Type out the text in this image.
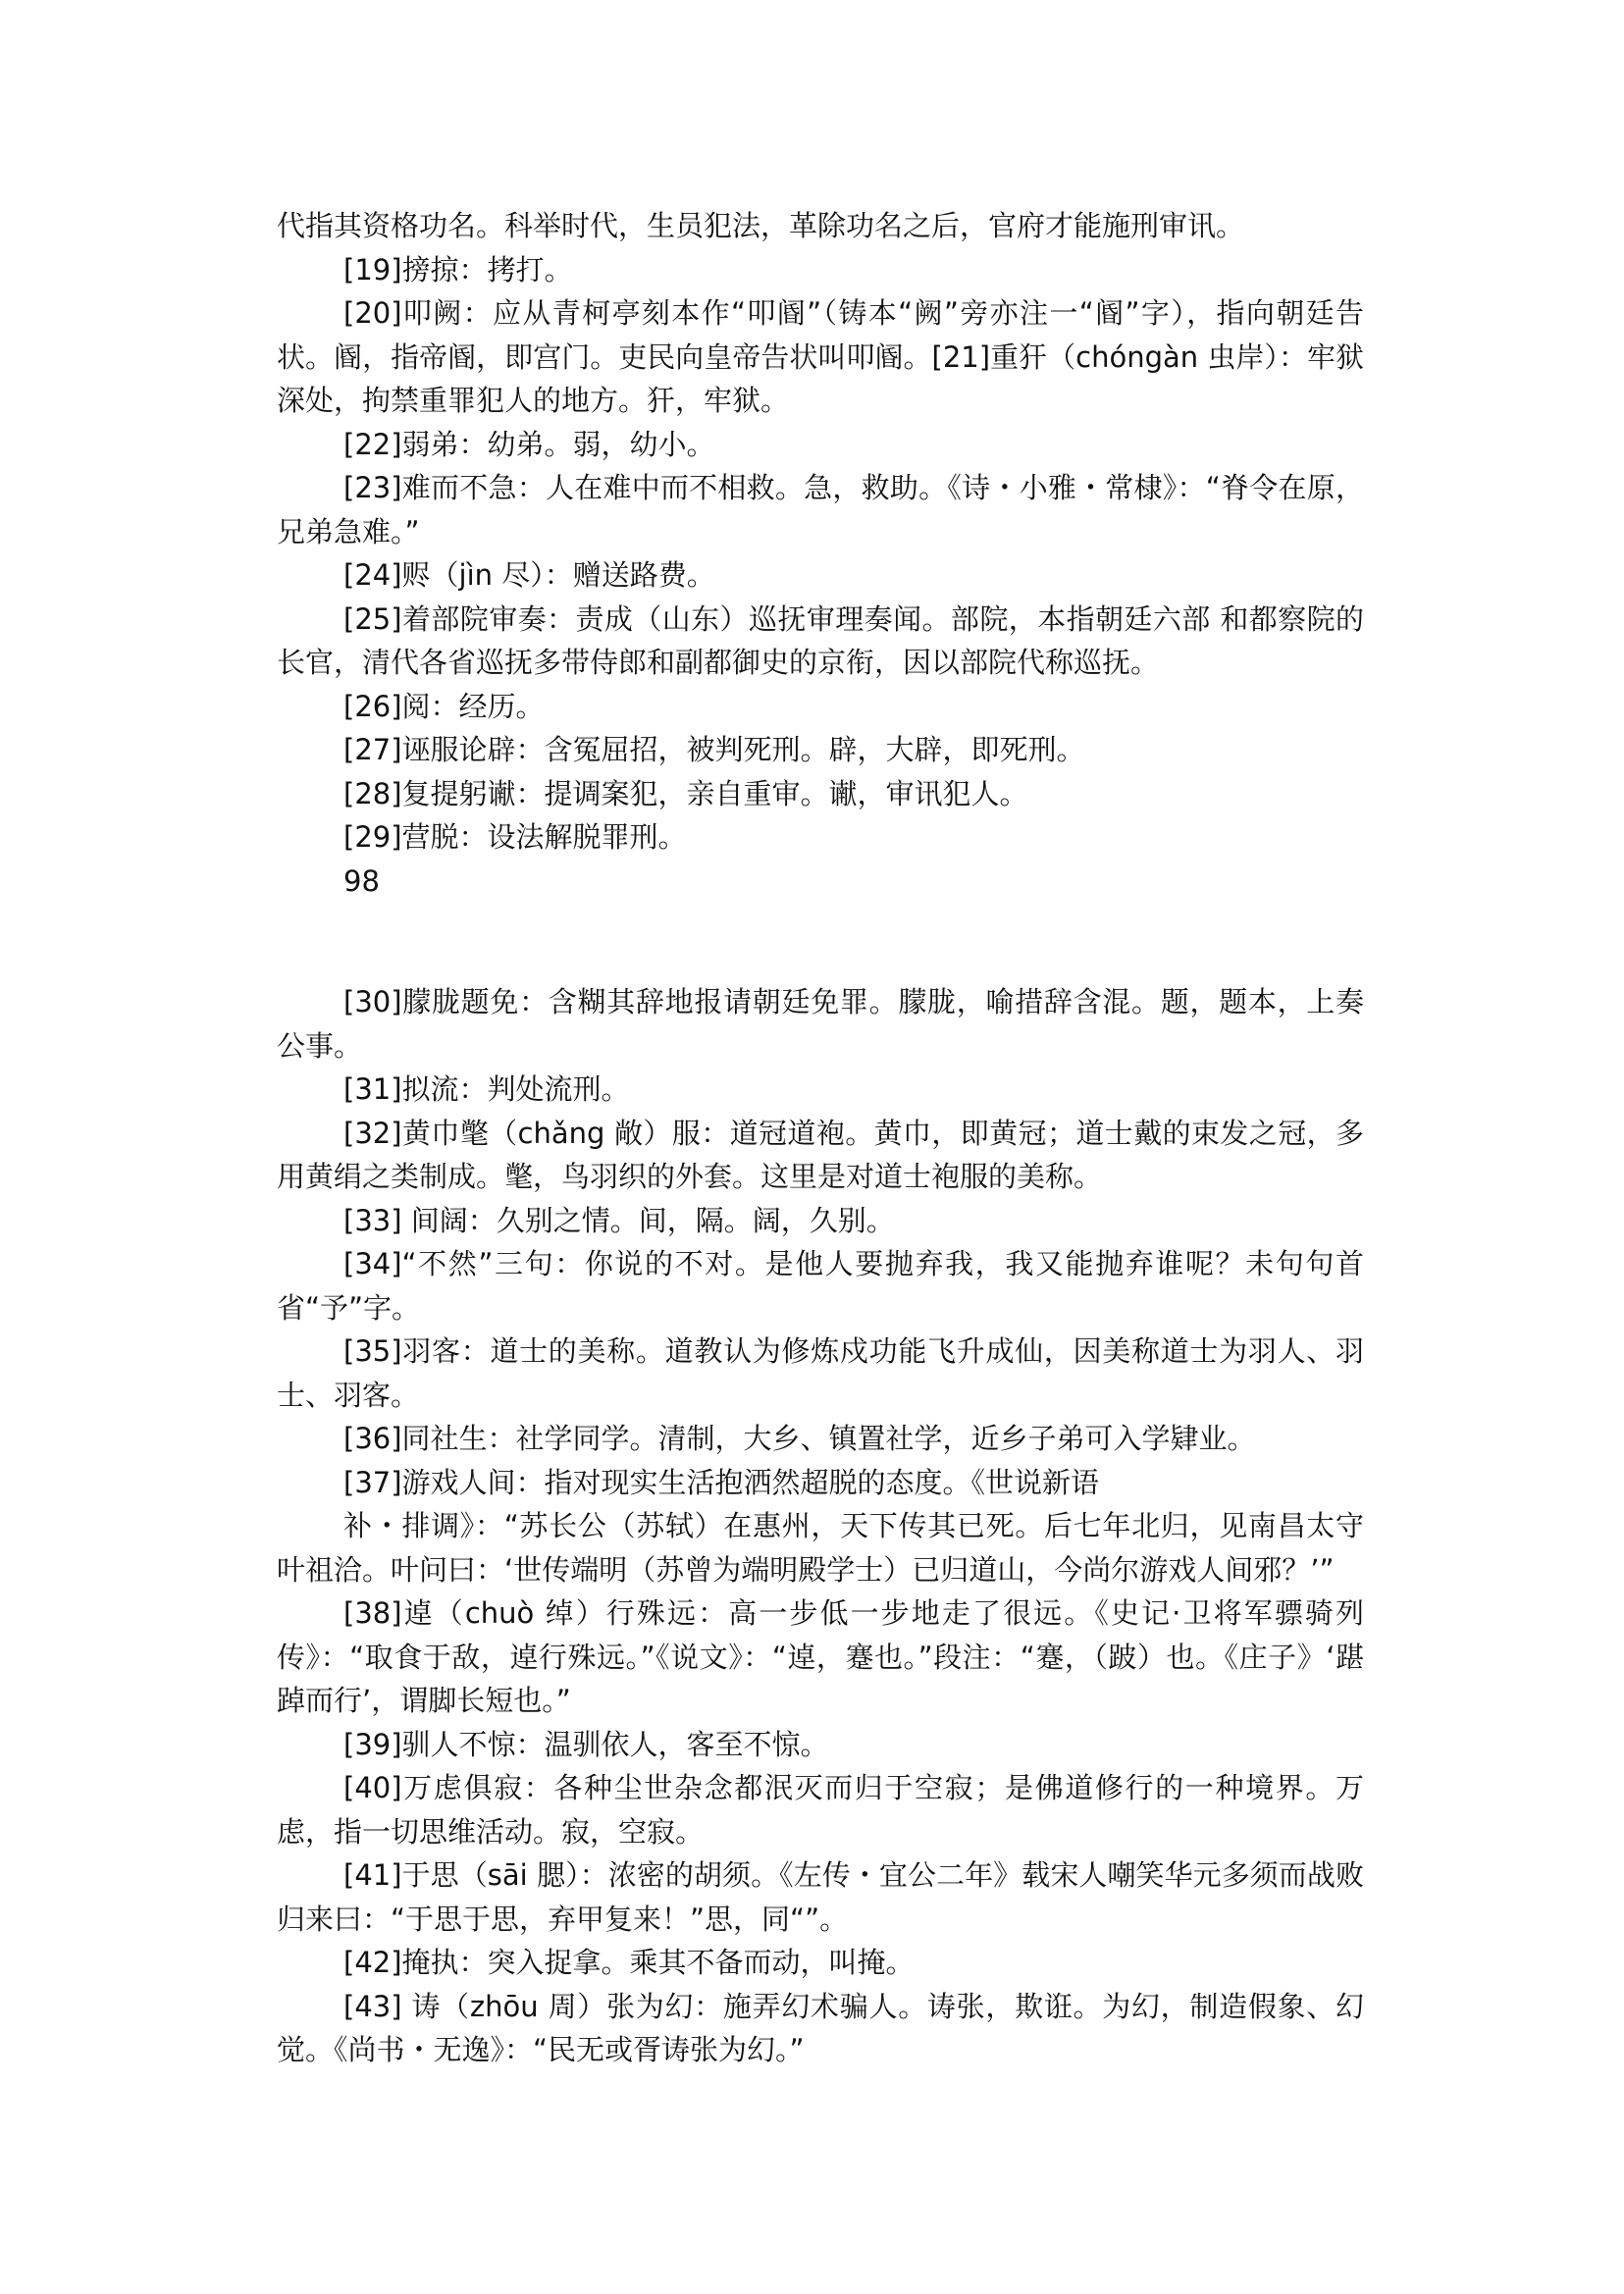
代指其资格功名。科举时代，生员犯法，革除功名之后，官府才能施刑审讯。

[19]搒掠：拷打。

[20]叩阙：应从青柯亭刻本作“叩阍”（铸本“阙”旁亦注一“阍”字），指向朝廷告状。阍，指帝阍，即宫门。吏民向皇帝告状叫叩阍。[21]重犴（chóngàn 虫岸）：牢狱深处，拘禁重罪犯人的地方。犴，牢狱。

[22]弱弟：幼弟。弱，幼小。

[23]难而不急：人在难中而不相救。急，救助。《诗・小雅・常棣》：“脊令在原，兄弟急难。”

[24]赆（jìn 尽）：赠送路费。

[25]着部院审奏：责成（山东）巡抚审理奏闻。部院，本指朝廷六部 和都察院的长官，清代各省巡抚多带侍郎和副都御史的京衔，因以部院代称巡抚。

[26]阅：经历。

[27]诬服论辟：含冤屈招，被判死刑。辟，大辟，即死刑。

[28]复提躬谳：提调案犯，亲自重审。谳，审讯犯人。

[29]营脱：设法解脱罪刑。

98

[30]朦胧题免：含糊其辞地报请朝廷免罪。朦胧，喻措辞含混。题，题本，上奏公事。

[31]拟流：判处流刑。

[32]黄巾氅（chǎng 敞）服：道冠道袍。黄巾，即黄冠；道士戴的束发之冠，多用黄绢之类制成。氅，鸟羽织的外套。这里是对道士袍服的美称。

[33] 间阔：久别之情。间，隔。阔，久别。

[34]“不然”三句：你说的不对。是他人要抛弃我，我又能抛弃谁呢？未句句首省“予”字。

[35]羽客：道士的美称。道教认为修炼戍功能飞升成仙，因美称道士为羽人、羽士、羽客。

[36]同社生：社学同学。清制，大乡、镇置社学，近乡子弟可入学肄业。

[37]游戏人间：指对现实生活抱洒然超脱的态度。《世说新语

补・排调》：“苏长公（苏轼）在惠州，天下传其已死。后七年北归，见南昌太守叶祖洽。叶问曰：‘世传端明（苏曾为端明殿学士）已归道山，今尚尔游戏人间邪？’”

[38]逴（chuò 绰）行殊远：高一步低一步地走了很远。《史记·卫将军骠骑列传》：“取食于敌，逴行殊远。”《说文》：“逴，蹇也。”段注：“蹇，（跛）也。《庄子》‘踸踔而行’，谓脚长短也。”

[39]驯人不惊：温驯依人，客至不惊。

[40]万虑俱寂：各种尘世杂念都泯灭而归于空寂；是佛道修行的一种境界。万虑，指一切思维活动。寂，空寂。

[41]于思（sāi 腮）：浓密的胡须。《左传・宜公二年》载宋人嘲笑华元多须而战败归来曰：“于思于思，弃甲复来！”思，同“”。

[42]掩执：突入捉拿。乘其不备而动，叫掩。

[43] 诪（zhōu 周）张为幻：施弄幻术骗人。诪张，欺诳。为幻，制造假象、幻觉。《尚书・无逸》：“民无或胥诪张为幻。”
